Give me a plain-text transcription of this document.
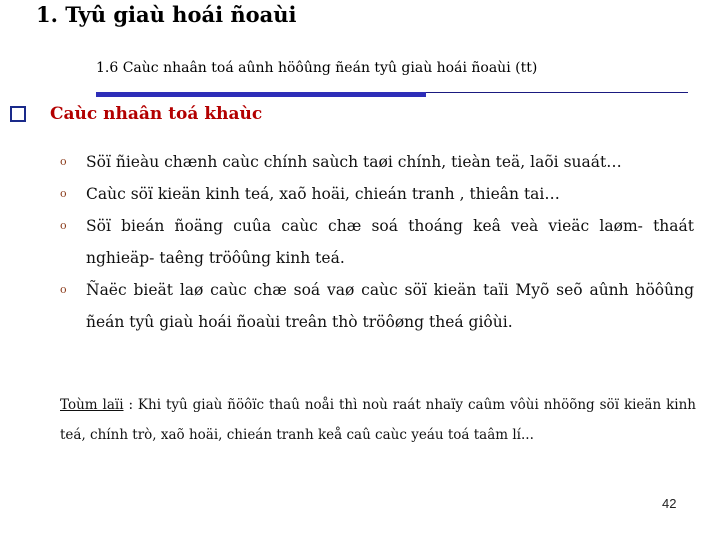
1. Tyû giaù hoái ñoaùi
1.6 Caùc nhaân toá aûnh höôûng ñeán tyû giaù hoái ñoaùi (tt)
Caùc nhaân toá khaùc
o Söï ñieàu chænh caùc chính saùch taøi chính, tieàn teä, laõi suaát…
o Caùc söï kieän kinh teá, xaõ hoäi, chieán tranh , thieân tai…
o Söï bieán ñoäng cuûa caùc chæ soá thoáng keâ veà vieäc laøm- thaát nghieäp- taêng tröôûng kinh teá.
o Ñaëc bieät laø caùc chæ soá vaø caùc söï kieän taïi Myõ seõ aûnh höôûng ñeán tyû giaù hoái ñoaùi treân thò tröôøng theá giôùi.
Toùm laïi : Khi tyû giaù ñöôïc thaû noåi thì noù raát nhaïy caûm vôùi nhöõng söï kieän kinh teá, chính trò, xaõ hoäi, chieán tranh keå caû caùc yeáu toá taâm lí...
42
